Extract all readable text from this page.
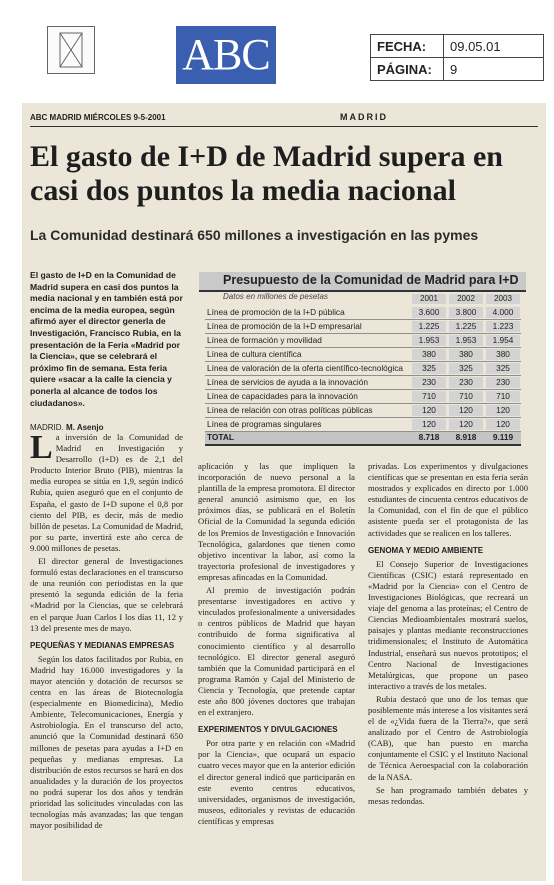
ABC	FECHA:	09.05.01
PÁGINA:	9
ABC MADRID MIÉRCOLES 9-5-2001	MADRID
El gasto de I+D de Madrid supera en casi dos puntos la media nacional
La Comunidad destinará 650 millones a investigación en las pymes
El gasto de I+D en la Comunidad de Madrid supera en casi dos puntos la media nacional y en también está por encima de la media europea, según afirmó ayer el director generla de Investigación, Francisco Rubia, en la presentación de la Feria «Madrid por la Ciencia», que se celebrará el próximo fin de semana. Esta feria quiere «sacar a la calle la ciencia y ponerla al alcance de todos los ciudadanos».
MADRID. M. Asenjo
Presupuesto de la Comunidad de Madrid para I+D
Datos en millones de pesetas	2001	2002	2003
Línea de promoción de la I+D pública	3.600	3.800	4.000
Línea de promoción de la I+D empresarial	1.225	1.225	1.223
Línea de formación y movilidad	1.953	1.953	1.954
Línea de cultura científica	380	380	380
Línea de valoración de la oferta científico-tecnológica	325	325	325
Línea de servicios de ayuda a la innovación	230	230	230
Línea de capacidades para la innovación	710	710	710
Línea de relación con otras políticas públicas	120	120	120
Línea de programas singulares	120	120	120
TOTAL	8.718	8.918	9.119

La inversión de la Comunidad de Madrid en Investigación y Desarrollo (I+D) es de 2,1 del Producto Interior Bruto (PIB), mientras la media europea se sitúa en 1,9, según indicó Rubia, quien aseguró que en el conjunto de España, el gasto de I+D supone el 0,8 por ciento del PIB, es decir, más de medio billón de pesetas. La Comunidad de Madrid, por su parte, invertirá este año cerca de 9.000 millones de pesetas.

El director general de Investigaciones formuló estas declaraciones en el transcurso de una reunión con periodistas en la que presentó la segunda edición de la feria «Madrid por la Ciencias, que se celebrará en el parque Juan Carlos I los días 11, 12 y 13 del presente mes de mayo.

PEQUEÑAS Y MEDIANAS EMPRESAS

Según los datos facilitados por Rubia, en Madrid hay 16.000 investigadores y la mayor atención y dotación de recursos se centra en las áreas de Biotecnología (especialmente en Biomedicina), Medio Ambiente, Telecomunicaciones, Energía y Astrobiología. En el transcurso del acto, anunció que la Comunidad destinará 650 millones de pesetas para ayudas a I+D en pequeñas y medianas empresas. La distribución de estos recursos se hará en dos anualidades y la duración de los proyectos no podrá superar los dos años y tendrán prioridad las solicitudes vinculadas con las tecnologías más avanzadas; las que tengan mayor posibilidad de

aplicación y las que impliquen la incorporación de nuevo personal a la plantilla de la empresa promotora. El director general anunció asimismo que, en los próximos días, se publicará en el Boletín Oficial de la Comunidad la segunda edición de los Premios de Investigación e Innovación Tecnológica, galardones que tienen como objetivo incentivar la labor, así como la trayectoria profesional de investigadores y empresas afincadas en la Comunidad.

Al premio de investigación podrán presentarse investigadores en activo y vinculados profesionalmente a universidades o centros públicos de Madrid que hayan contribuido de forma significativa al conocimiento científico y al desarrollo tecnológico. El director general aseguró también que la Comunidad participará en el programa Ramón y Cajal del Ministerio de Ciencia y Tecnología, que pretende captar este año 800 jóvenes doctores que trabajan en el extranjero.

EXPERIMENTOS Y DIVULGACIONES

Por otra parte y en relación con «Madrid por la Ciencia», que ocupará un espacio cuatro veces mayor que en la anterior edición el director general indicó que participarán en este evento centros educativos, universidades, organismos de investigación, museos, editoriales y revistas de educación científicas y empresas

privadas. Los experimentos y divulgaciones científicas que se presentan en esta feria serán mostrados y explicados en directo por 1.000 estudiantes de cincuenta centros educativos de la Comunidad, con el fin de que el público asistente pueda ser el protagonista de las actividades que se realicen en los talleres.

GENOMA Y MEDIO AMBIENTE

El Consejo Superior de Investigaciones Científicas (CSIC) estará representado en «Madrid por la Ciencia» con el Centro de Investigaciones Biológicas, que recreará un viaje del genoma a las proteínas; el Centro de Ciencias Medioambientales mostrará suelos, paisajes y plantas mediante reconstrucciones tridimensionales; el Instituto de Automática Industrial, enseñará sus nuevos prototipos; el Centro Nacional de Investigaciones Metalúrgicas, que propone un paseo interactivo a través de los metales.

Rubia destacó que uno de los temas que posiblemente más interese a los visitantes será el de «¿Vida fuera de la Tierra?», que será analizado por el Centro de Astrobiología (CAB), que han puesto en marcha conjuntamente el CSIC y el Instituto Nacional de Técnica Aeroespacial con la colaboración de la NASA.

Se han programado también debates y mesas redondas.
